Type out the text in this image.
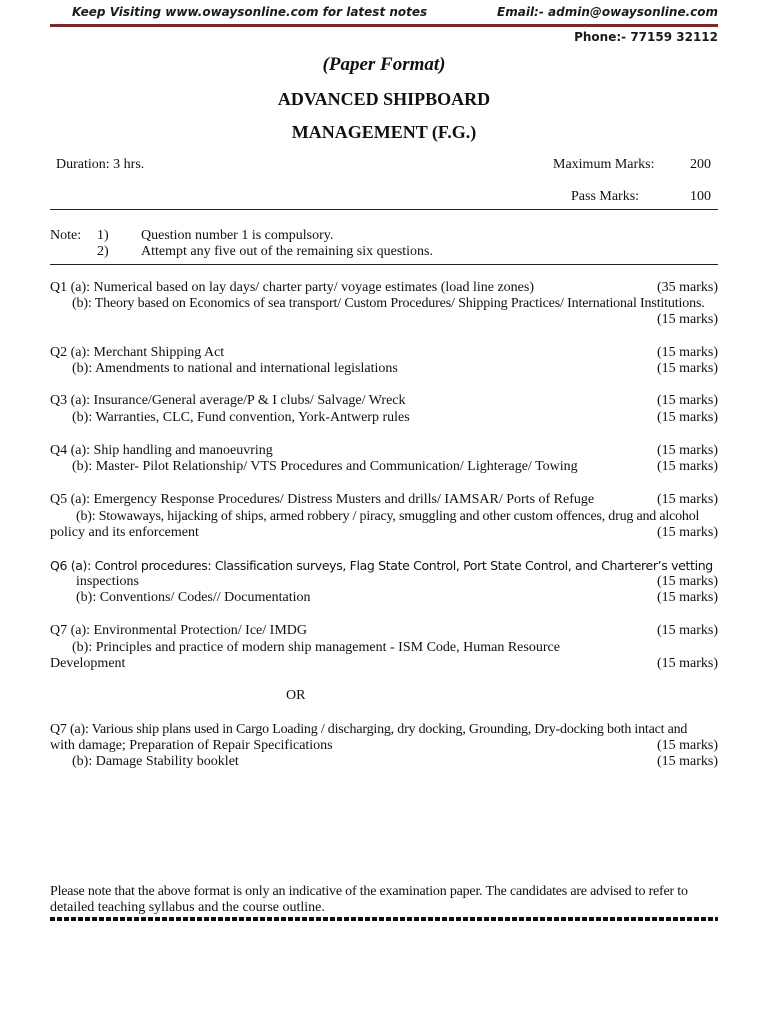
Keep Visiting www.owaysonline.com for latest notes	Email:- admin@owaysonline.com
Phone:- 77159 32112
(Paper Format)
ADVANCED SHIPBOARD
MANAGEMENT (F.G.)
Duration: 3 hrs.	Maximum Marks:	200
Pass Marks:	100
Note: 1) Question number 1 is compulsory.
2) Attempt any five out of the remaining six questions.
Q1 (a): Numerical based on lay days/ charter party/ voyage estimates (load line zones)	(35 marks)
(b): Theory based on Economics of sea transport/ Custom Procedures/ Shipping Practices/ International Institutions.
(15 marks)
Q2 (a): Merchant Shipping Act	(15 marks)
(b): Amendments to national and international legislations	(15 marks)
Q3 (a): Insurance/General average/P & I clubs/ Salvage/ Wreck	(15 marks)
(b): Warranties, CLC, Fund convention, York-Antwerp rules	(15 marks)
Q4 (a): Ship handling and manoeuvring	(15 marks)
(b): Master- Pilot Relationship/ VTS Procedures and Communication/ Lighterage/ Towing	(15 marks)
Q5 (a): Emergency Response Procedures/ Distress Musters and drills/ IAMSAR/ Ports of Refuge	(15 marks)
(b): Stowaways, hijacking of ships, armed robbery / piracy, smuggling and other custom offences, drug and alcohol
policy and its enforcement	(15 marks)
Q6 (a): Control procedures: Classification surveys, Flag State Control, Port State Control, and Charterer’s vetting
inspections	(15 marks)
(b): Conventions/ Codes// Documentation	(15 marks)
Q7 (a): Environmental Protection/ Ice/ IMDG	(15 marks)
(b): Principles and practice of modern ship management - ISM Code, Human Resource
Development	(15 marks)
OR
Q7 (a): Various ship plans used in Cargo Loading / discharging, dry docking, Grounding, Dry-docking both intact and
with damage; Preparation of Repair Specifications	(15 marks)
(b): Damage Stability booklet	(15 marks)
Please note that the above format is only an indicative of the examination paper. The candidates are advised to refer to
detailed teaching syllabus and the course outline.
